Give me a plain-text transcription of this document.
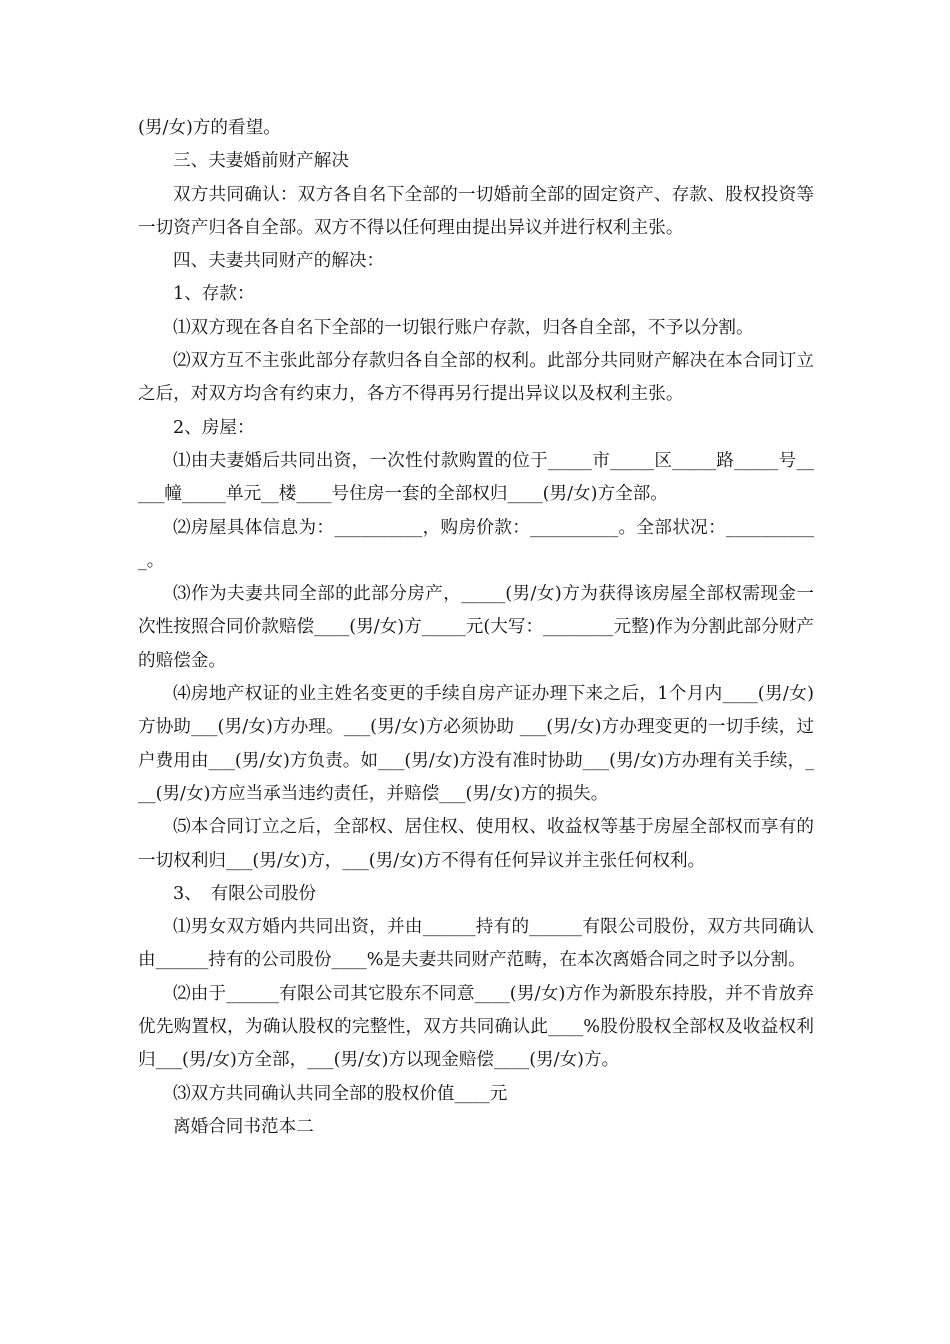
(男/女)方的看望。

三、夫妻婚前财产解决

双方共同确认：双方各自名下全部的一切婚前全部的固定资产、存款、股权投资等一切资产归各自全部。双方不得以任何理由提出异议并进行权利主张。

四、夫妻共同财产的解决：

1、存款：

⑴双方现在各自名下全部的一切银行账户存款，归各自全部，不予以分割。

⑵双方互不主张此部分存款归各自全部的权利。此部分共同财产解决在本合同订立之后，对双方均含有约束力，各方不得再另行提出异议以及权利主张。

2、房屋：

⑴由夫妻婚后共同出资，一次性付款购置的位于_____市_____区_____路_____号_____幢_____单元__楼____号住房一套的全部权归____(男/女)方全部。

⑵房屋具体信息为：__________，购房价款：__________。全部状况：___________。

⑶作为夫妻共同全部的此部分房产，_____(男/女)方为获得该房屋全部权需现金一次性按照合同价款赔偿____(男/女)方_____元(大写：________元整)作为分割此部分财产的赔偿金。

⑷房地产权证的业主姓名变更的手续自房产证办理下来之后，1个月内____(男/女)方协助___(男/女)方办理。___(男/女)方必须协助 ___(男/女)方办理变更的一切手续，过户费用由___(男/女)方负责。如___(男/女)方没有准时协助___(男/女)方办理有关手续，___(男/女)方应当承当违约责任，并赔偿___(男/女)方的损失。

⑸本合同订立之后，全部权、居住权、使用权、收益权等基于房屋全部权而享有的一切权利归___(男/女)方，___(男/女)方不得有任何异议并主张任何权利。

3、　有限公司股份

⑴男女双方婚内共同出资，并由______持有的______有限公司股份，双方共同确认由______持有的公司股份____%是夫妻共同财产范畴，在本次离婚合同之时予以分割。

⑵由于______有限公司其它股东不同意____(男/女)方作为新股东持股，并不肯放弃优先购置权，为确认股权的完整性，双方共同确认此____%股份股权全部权及收益权利归___(男/女)方全部，___(男/女)方以现金赔偿____(男/女)方。

⑶双方共同确认共同全部的股权价值____元

离婚合同书范本二
